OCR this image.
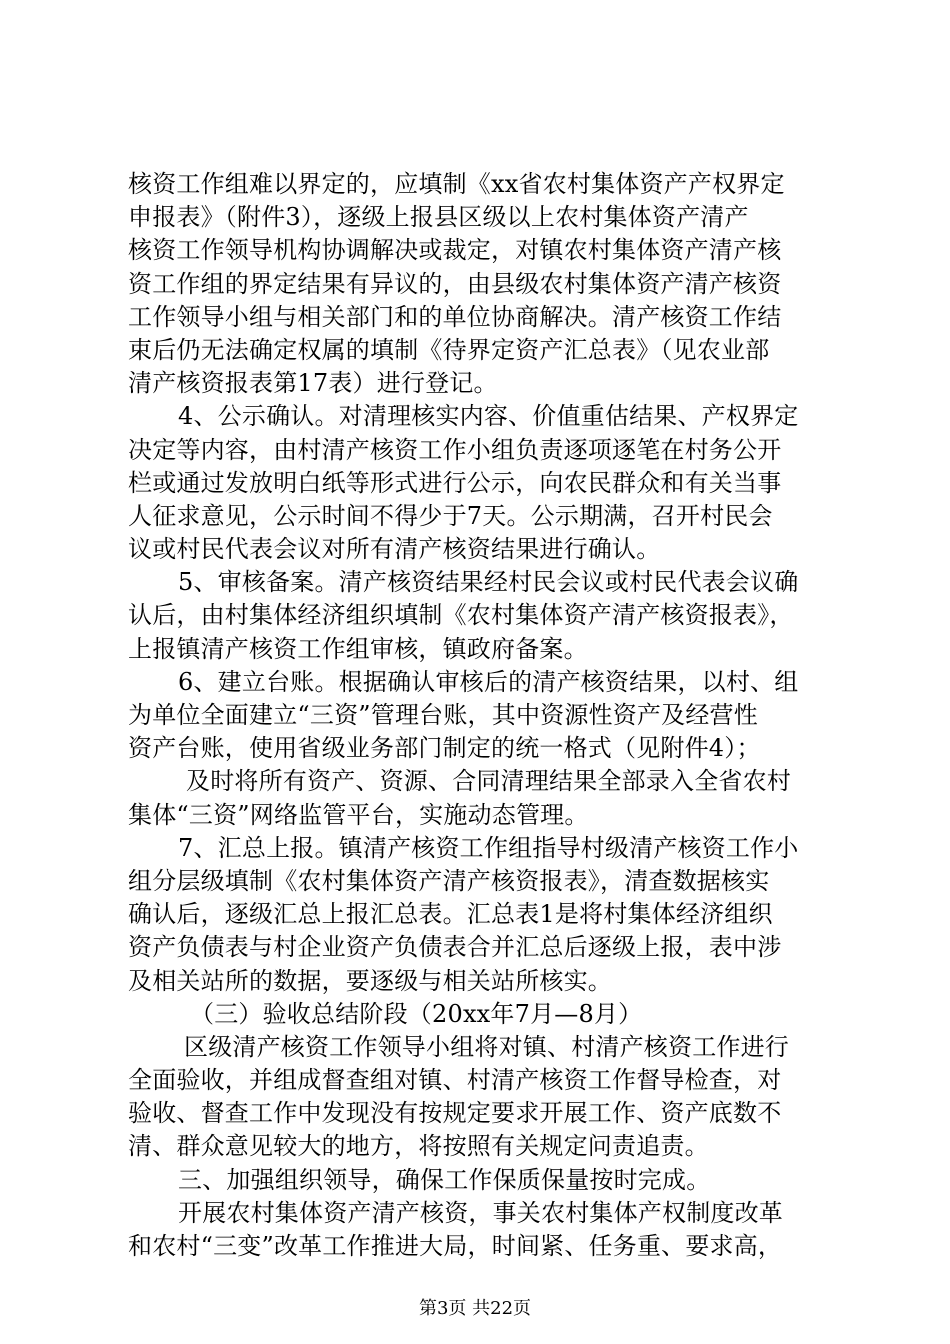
核资工作组难以界定的，应填制《xx省农村集体资产产权界定
申报表》（附件3），逐级上报县区级以上农村集体资产清产
核资工作领导机构协调解决或裁定，对镇农村集体资产清产核
资工作组的界定结果有异议的，由县级农村集体资产清产核资
工作领导小组与相关部门和的单位协商解决。清产核资工作结
束后仍无法确定权属的填制《待界定资产汇总表》（见农业部
清产核资报表第17表）进行登记。
4、公示确认。对清理核实内容、价值重估结果、产权界定
决定等内容，由村清产核资工作小组负责逐项逐笔在村务公开
栏或通过发放明白纸等形式进行公示，向农民群众和有关当事
人征求意见，公示时间不得少于7天。公示期满，召开村民会
议或村民代表会议对所有清产核资结果进行确认。
5、审核备案。清产核资结果经村民会议或村民代表会议确
认后，由村集体经济组织填制《农村集体资产清产核资报表》，
上报镇清产核资工作组审核，镇政府备案。
6、建立台账。根据确认审核后的清产核资结果，以村、组
为单位全面建立“三资”管理台账，其中资源性资产及经营性
资产台账，使用省级业务部门制定的统一格式（见附件4）；
及时将所有资产、资源、合同清理结果全部录入全省农村
集体“三资”网络监管平台，实施动态管理。
7、汇总上报。镇清产核资工作组指导村级清产核资工作小
组分层级填制《农村集体资产清产核资报表》，清查数据核实
确认后，逐级汇总上报汇总表。汇总表1是将村集体经济组织
资产负债表与村企业资产负债表合并汇总后逐级上报，表中涉
及相关站所的数据，要逐级与相关站所核实。
（三）验收总结阶段（20xx年7月—8月）
区级清产核资工作领导小组将对镇、村清产核资工作进行
全面验收，并组成督查组对镇、村清产核资工作督导检查，对
验收、督查工作中发现没有按规定要求开展工作、资产底数不
清、群众意见较大的地方，将按照有关规定问责追责。
三、加强组织领导，确保工作保质保量按时完成。
开展农村集体资产清产核资，事关农村集体产权制度改革
和农村“三变”改革工作推进大局，时间紧、任务重、要求高，
第3页 共22页
